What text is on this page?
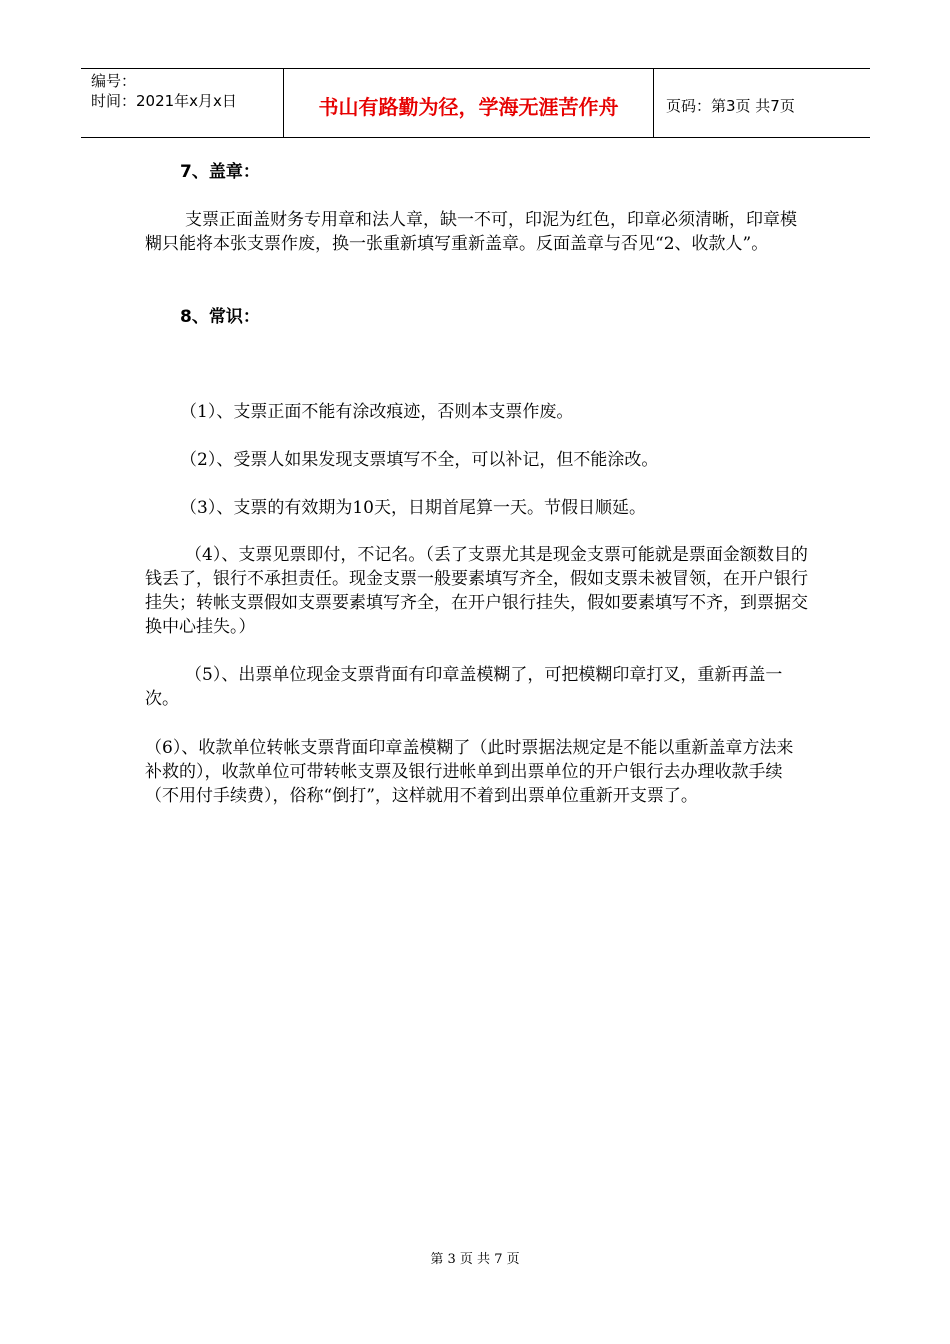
编号：
时间：2021年x月x日	书山有路勤为径，学海无涯苦作舟	页码：第3页 共7页
7、盖章：
支票正面盖财务专用章和法人章，缺一不可，印泥为红色，印章必须清晰，印章模糊只能将本张支票作废，换一张重新填写重新盖章。反面盖章与否见“2、收款人”。
8、常识：
（1）、支票正面不能有涂改痕迹，否则本支票作废。
（2）、受票人如果发现支票填写不全，可以补记，但不能涂改。
（3）、支票的有效期为10天，日期首尾算一天。节假日顺延。
（4）、支票见票即付，不记名。（丢了支票尤其是现金支票可能就是票面金额数目的钱丢了，银行不承担责任。现金支票一般要素填写齐全，假如支票未被冒领，在开户银行挂失；转帐支票假如支票要素填写齐全，在开户银行挂失，假如要素填写不齐，到票据交换中心挂失。）
（5）、出票单位现金支票背面有印章盖模糊了，可把模糊印章打叉，重新再盖一次。
（6）、收款单位转帐支票背面印章盖模糊了（此时票据法规定是不能以重新盖章方法来补救的），收款单位可带转帐支票及银行进帐单到出票单位的开户银行去办理收款手续（不用付手续费），俗称“倒打”，这样就用不着到出票单位重新开支票了。
第 3 页 共 7 页
